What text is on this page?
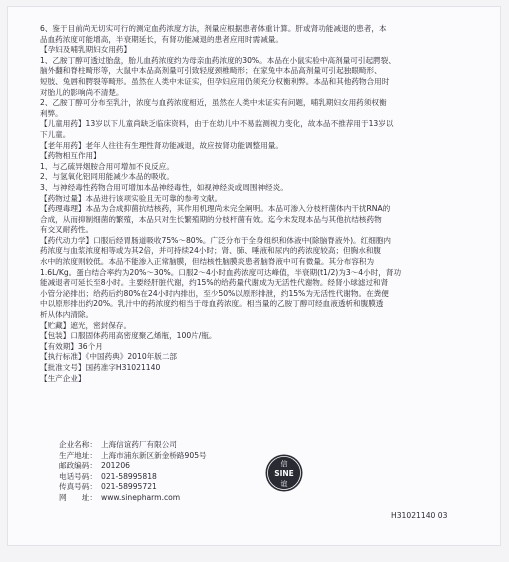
6、鉴于目前尚无切实可行的测定血药浓度方法，剂量应根据患者体重计算。肝或肾功能减退的患者，本
品血药浓度可能增高，半衰期延长，有肾功能减退的患者应用时需减量。
【孕妇及哺乳期妇女用药】
1、乙胺丁醇可透过胎盘，胎儿血药浓度约为母亲血药浓度的30%。本品在小鼠实验中高剂量可引起腭裂、
脑外翻和脊柱畸形等，大鼠中本品高剂量可引致轻度颈椎畸形；在家兔中本品高剂量可引起独眼畸形、
短肢、兔唇和腭裂等畸形。虽然在人类中未证实，但孕妇应用仍须充分权衡利弊。本品和其他药物合用时
对胎儿的影响尚不清楚。
2、乙胺丁醇可分布至乳汁，浓度与血药浓度相近，虽然在人类中未证实有问题，哺乳期妇女用药须权衡
利弊。
【儿童用药】13岁以下儿童尚缺乏临床资料，由于在幼儿中不易监测视力变化，故本品不推荐用于13岁以
下儿童。
【老年用药】老年人往往有生理性肾功能减退，故应按肾功能调整用量。
【药物相互作用】
1、与乙硫异烟胺合用可增加不良反应。
2、与氢氧化铝同用能减少本品的吸收。
3、与神经毒性药物合用可增加本品神经毒性，如视神经炎或周围神经炎。
【药物过量】本品进行该项实验且无可靠的参考文献。
【药理毒理】本品为合成抑菌抗结核药，其作用机理尚未完全阐明。本品可渗入分枝杆菌体内干扰RNA的
合成，从而抑制细菌的繁殖，本品只对生长繁殖期的分枝杆菌有效。迄今未发现本品与其他抗结核药物
有交叉耐药性。
【药代动力学】口服后经胃肠道吸收75%～80%。广泛分布于全身组织和体液中(除脑脊液外)。红细胞内
药浓度与血浆浓度相等或为其2倍，并可持续24小时；肾、肺、唾液和尿内的药浓度较高；但胸水和腹
水中的浓度则较低。本品不能渗入正常脑膜，但结核性脑膜炎患者脑脊液中可有微量。其分布容积为
1.6L/Kg。蛋白结合率约为20%～30%。口服2～4小时血药浓度可达峰值，半衰期(t1/2)为3～4小时，肾功
能减退者可延长至8小时。主要经肝脏代谢，约15%的给药量代谢成为无活性代谢物。经肾小球滤过和肾
小管分泌排出；给药后约80%在24小时内排出，至少50%以原形排泄，约15%为无活性代谢物。在粪便
中以原形排出约20%。乳汁中的药浓度约相当于母血药浓度。相当量的乙胺丁醇可经血液透析和腹膜透
析从体内清除。
【贮藏】遮光，密封保存。
【包装】口服固体药用高密度聚乙烯瓶，100片/瓶。
【有效期】36个月
【执行标准】《中国药典》2010年版二部
【批准文号】国药准字H31021140
【生产企业】
企业名称： 上海信谊药厂有限公司
生产地址： 上海市浦东新区新金桥路905号
邮政编码： 201206
电话号码： 021-58995818
传真号码： 021-58995721
网　　址： www.sinepharm.com
信
SINE
谊
H31021140 03
